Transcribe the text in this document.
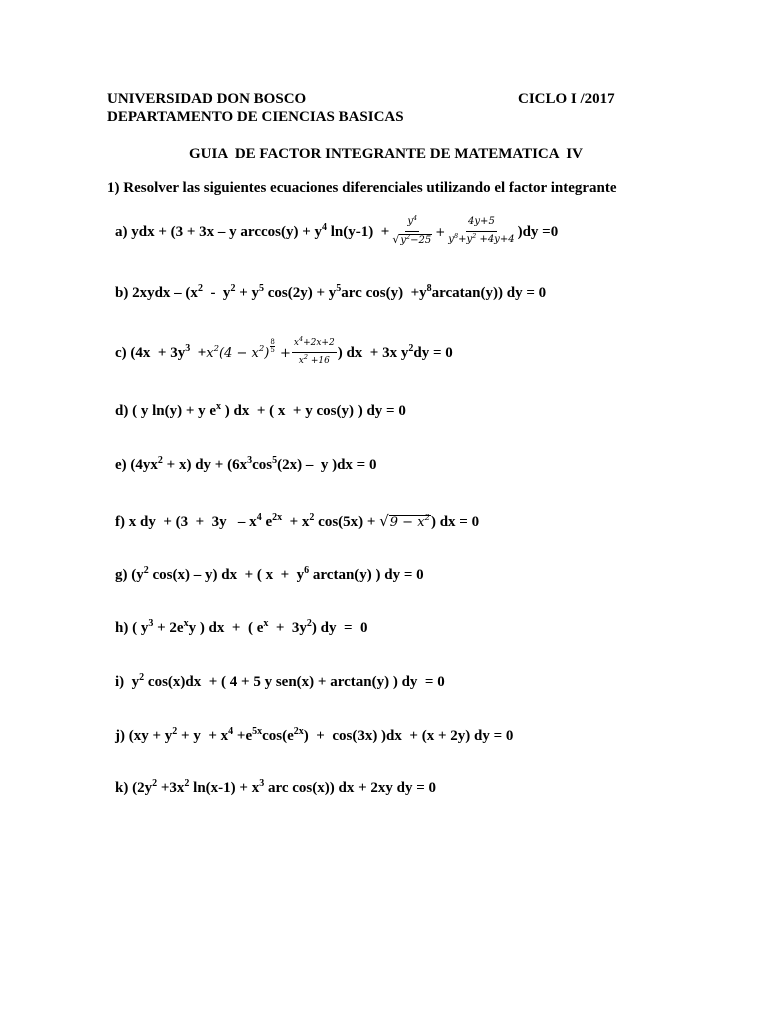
UNIVERSIDAD DON BOSCO	CICLO I /2017
DEPARTAMENTO DE CIENCIAS BASICAS
GUIA  DE FACTOR INTEGRANTE DE MATEMATICA  IV
1) Resolver las siguientes ecuaciones diferenciales utilizando el factor integrante
a)  ydx + (3 + 3x – y arccos(y) + y $^4$  $\ln(y-1) + \frac{y ^4}{√ y ^2 -25} + \frac{4y+5}{y ^8 +y ^2 +4y+4} )dy =0$
b)  2xydx – (x $^2$   -  y $^2$  + y $^5$  cos(2y) + y $^5$ arc cos(y)  +y $^8$ arcatan(y)) dy = 0
c)  (4x  + 3y $^3$   + x $^2$ (4 − x $^2$ ) $\frac{8}{5} + \frac{x ^4 +2x+2}{x ^2 +16}$ ) dx  + 3x y $^2$ dy = 0
d)  ( y ln(y) + y e $^x$  ) dx  + ( x  + y cos(y) ) dy = 0
e)  (4yx $^2$  + x) dy + (6x $^3$ cos $^5$ (2x) –  y )dx = 0
f)  x dy  + (3  +  3y   – x $^4$  e $^{2x}$   + x $^2$  cos(5x) +  √ 9 − x $^2$ ) dx = 0
g)  (y $^2$  cos(x) – y) dx  + ( x  +  y $^6$  arctan(y) ) dy = 0
h)  ( y $^3$  + 2e $^x$ y ) dx  +  ( e $^x$   +  3y $^2$ ) dy  =  0
i)   y $^2$  cos(x)dx  + ( 4 + 5 y sen(x) + arctan(y) ) dy  = 0
j)  (xy + y $^2$  + y  + x $^4$  +e $^{5x}$ cos(e $^{2x}$ )  +  cos(3x) )dx  + (x + 2y) dy = 0
k)  (2y $^2$  +3x $^2$  ln(x-1) + x $^3$  arc cos(x)) dx + 2xy dy = 0
